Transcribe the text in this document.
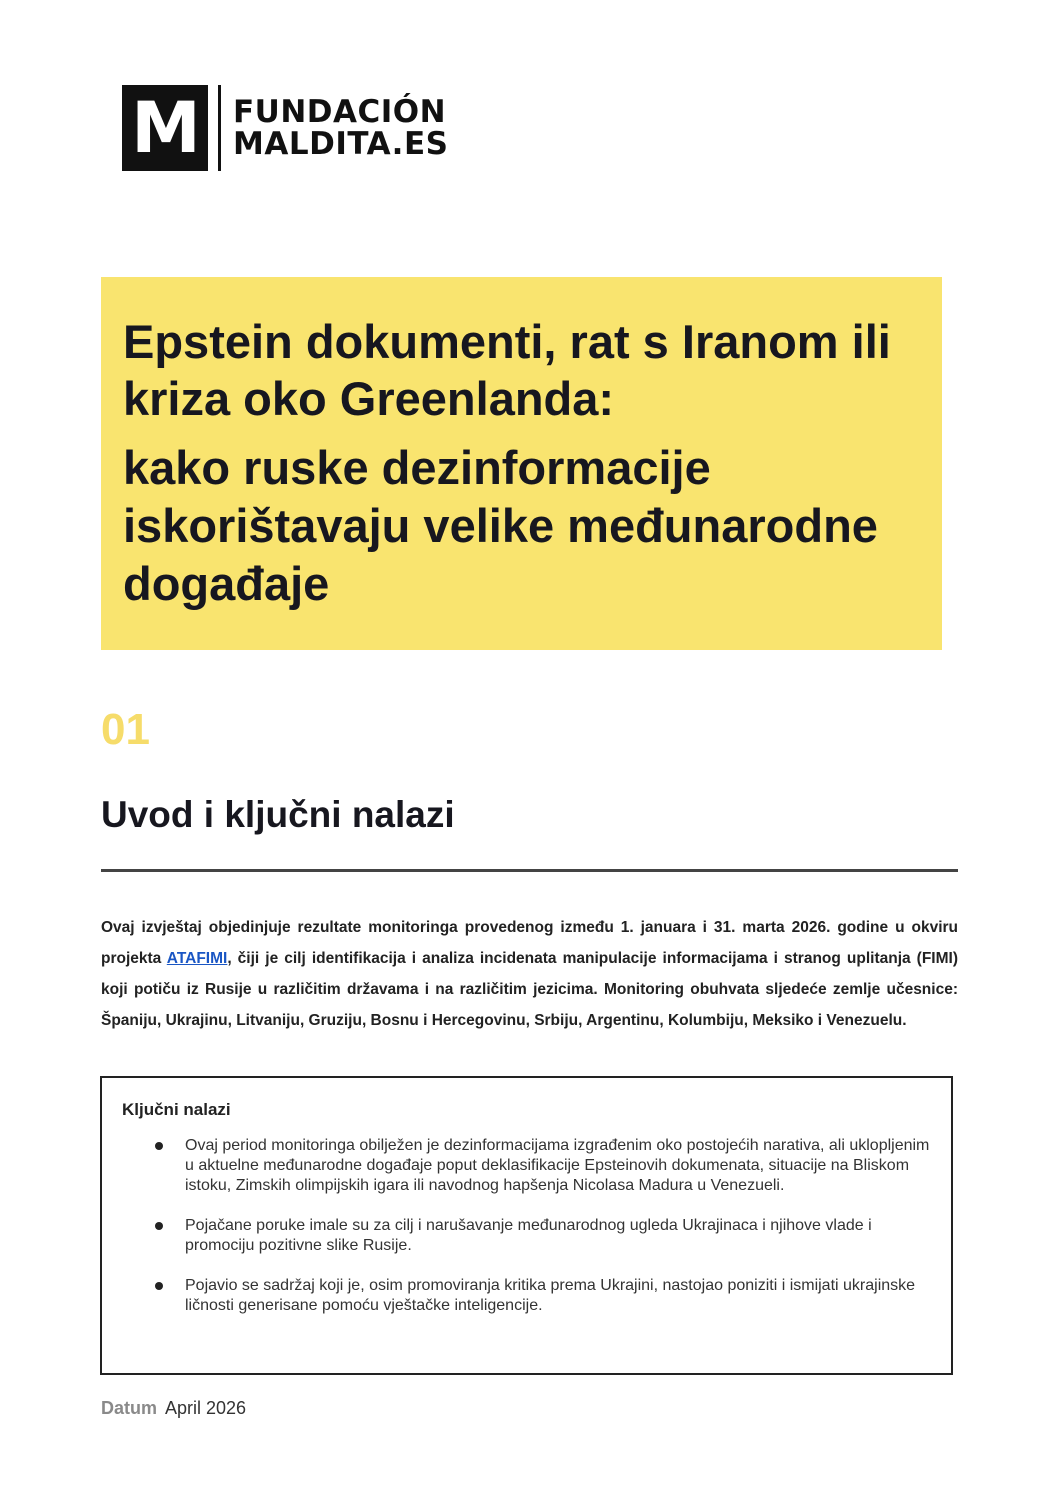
M FUNDACIÓN
MALDITA.ES
Epstein dokumenti, rat s Iranom ili kriza oko Greenlanda:
kako ruske dezinformacije iskorištavaju velike međunarodne događaje
01
Uvod i ključni nalazi

Ovaj izvještaj objedinjuje rezultate monitoringa provedenog između 1. januara i 31. marta 2026. godine u okviru projekta ATAFIMI, čiji je cilj identifikacija i analiza incidenata manipulacije informacijama i stranog uplitanja (FIMI) koji potiču iz Rusije u različitim državama i na različitim jezicima. Monitoring obuhvata sljedeće zemlje učesnice: Španiju, Ukrajinu, Litvaniju, Gruziju, Bosnu i Hercegovinu, Srbiju, Argentinu, Kolumbiju, Meksiko i Venezuelu.

Ključni nalazi
Ovaj period monitoringa obilježen je dezinformacijama izgrađenim oko postojećih narativa, ali uklopljenim u aktuelne međunarodne događaje poput deklasifikacije Epsteinovih dokumenata, situacije na Bliskom istoku, Zimskih olimpijskih igara ili navodnog hapšenja Nicolasa Madura u Venezueli.
Pojačane poruke imale su za cilj i narušavanje međunarodnog ugleda Ukrajinaca i njihove vlade i promociju pozitivne slike Rusije.
Pojavio se sadržaj koji je, osim promoviranja kritika prema Ukrajini, nastojao poniziti i ismijati ukrajinske ličnosti generisane pomoću vještačke inteligencije.
Datum April 2026
